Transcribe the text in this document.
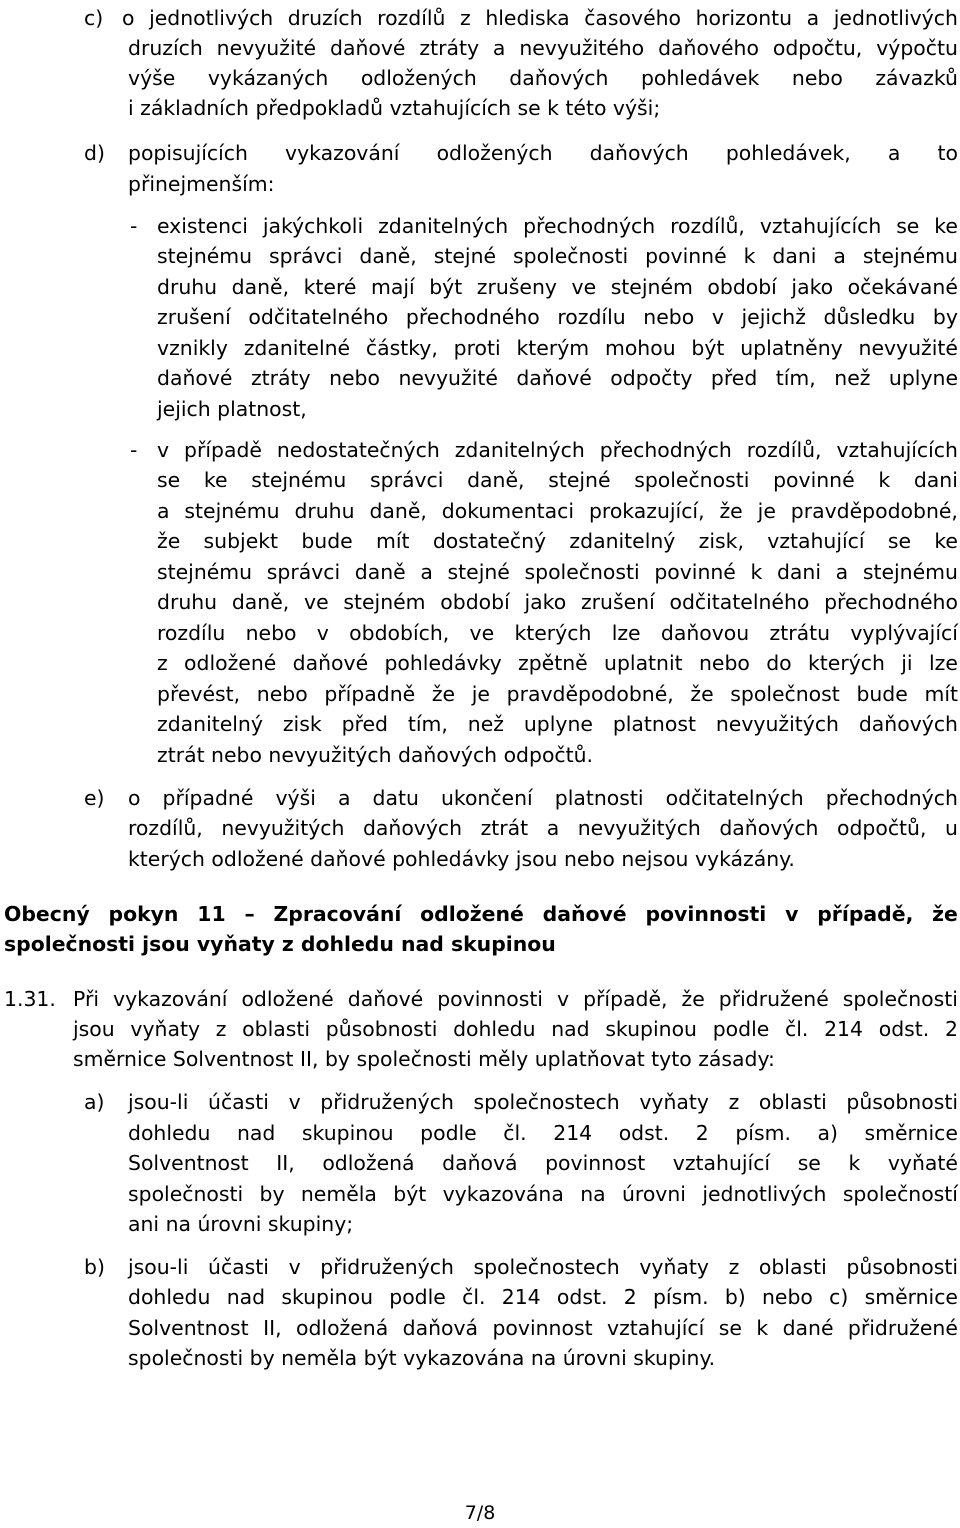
c) o jednotlivých druzích rozdílů z hlediska časového horizontu a jednotlivých
druzích nevyužité daňové ztráty a nevyužitého daňového odpočtu, výpočtu
výše vykázaných odložených daňových pohledávek nebo závazků
i základních předpokladů vztahujících se k této výši;
d) popisujících vykazování odložených daňových pohledávek, a to
přinejmenším:
- existenci jakýchkoli zdanitelných přechodných rozdílů, vztahujících se ke
stejnému správci daně, stejné společnosti povinné k dani a stejnému
druhu daně, které mají být zrušeny ve stejném období jako očekávané
zrušení odčitatelného přechodného rozdílu nebo v jejichž důsledku by
vznikly zdanitelné částky, proti kterým mohou být uplatněny nevyužité
daňové ztráty nebo nevyužité daňové odpočty před tím, než uplyne
jejich platnost,
- v případě nedostatečných zdanitelných přechodných rozdílů, vztahujících
se ke stejnému správci daně, stejné společnosti povinné k dani
a stejnému druhu daně, dokumentaci prokazující, že je pravděpodobné,
že subjekt bude mít dostatečný zdanitelný zisk, vztahující se ke
stejnému správci daně a stejné společnosti povinné k dani a stejnému
druhu daně, ve stejném období jako zrušení odčitatelného přechodného
rozdílu nebo v obdobích, ve kterých lze daňovou ztrátu vyplývající
z odložené daňové pohledávky zpětně uplatnit nebo do kterých ji lze
převést, nebo případně že je pravděpodobné, že společnost bude mít
zdanitelný zisk před tím, než uplyne platnost nevyužitých daňových
ztrát nebo nevyužitých daňových odpočtů.
e) o případné výši a datu ukončení platnosti odčitatelných přechodných
rozdílů, nevyužitých daňových ztrát a nevyužitých daňových odpočtů, u
kterých odložené daňové pohledávky jsou nebo nejsou vykázány.
Obecný pokyn 11 – Zpracování odložené daňové povinnosti v případě, že
společnosti jsou vyňaty z dohledu nad skupinou
1.31. Při vykazování odložené daňové povinnosti v případě, že přidružené společnosti
jsou vyňaty z oblasti působnosti dohledu nad skupinou podle čl. 214 odst. 2
směrnice Solventnost II, by společnosti měly uplatňovat tyto zásady:
a) jsou-li účasti v přidružených společnostech vyňaty z oblasti působnosti
dohledu nad skupinou podle čl. 214 odst. 2 písm. a) směrnice
Solventnost II, odložená daňová povinnost vztahující se k vyňaté
společnosti by neměla být vykazována na úrovni jednotlivých společností
ani na úrovni skupiny;
b) jsou-li účasti v přidružených společnostech vyňaty z oblasti působnosti
dohledu nad skupinou podle čl. 214 odst. 2 písm. b) nebo c) směrnice
Solventnost II, odložená daňová povinnost vztahující se k dané přidružené
společnosti by neměla být vykazována na úrovni skupiny.
7/8
